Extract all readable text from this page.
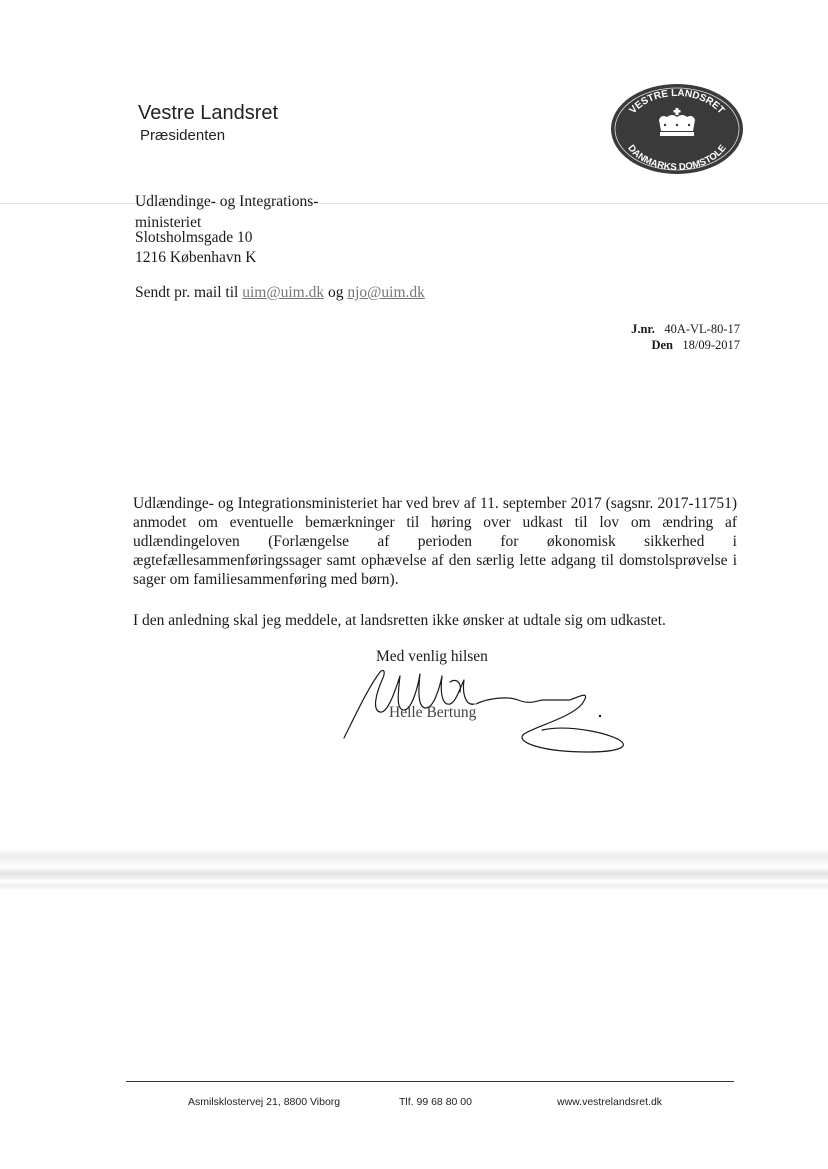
Vestre Landsret
Præsidenten
VESTRE LANDSRET
DANMARKS DOMSTOLE
Udlændinge- og Integrations-
ministeriet
Slotsholmsgade 10
1216 København K
Sendt pr. mail til uim@uim.dk og njo@uim.dk
J.nr. 40A-VL-80-17
Den 18/09-2017
Udlændinge- og Integrationsministeriet har ved brev af 11. september 2017 (sagsnr. 2017-11751) anmodet om eventuelle bemærkninger til høring over udkast til lov om ændring af udlændingeloven (Forlængelse af perioden for økonomisk sikkerhed i ægtefællesammenføringssager samt ophævelse af den særlig lette adgang til domstolsprøvelse i sager om familiesammenføring med børn).
I den anledning skal jeg meddele, at landsretten ikke ønsker at udtale sig om udkastet.
Med venlig hilsen
Helle Bertung
Asmilsklostervej 21, 8800 Viborg	Tlf. 99 68 80 00	www.vestrelandsret.dk
